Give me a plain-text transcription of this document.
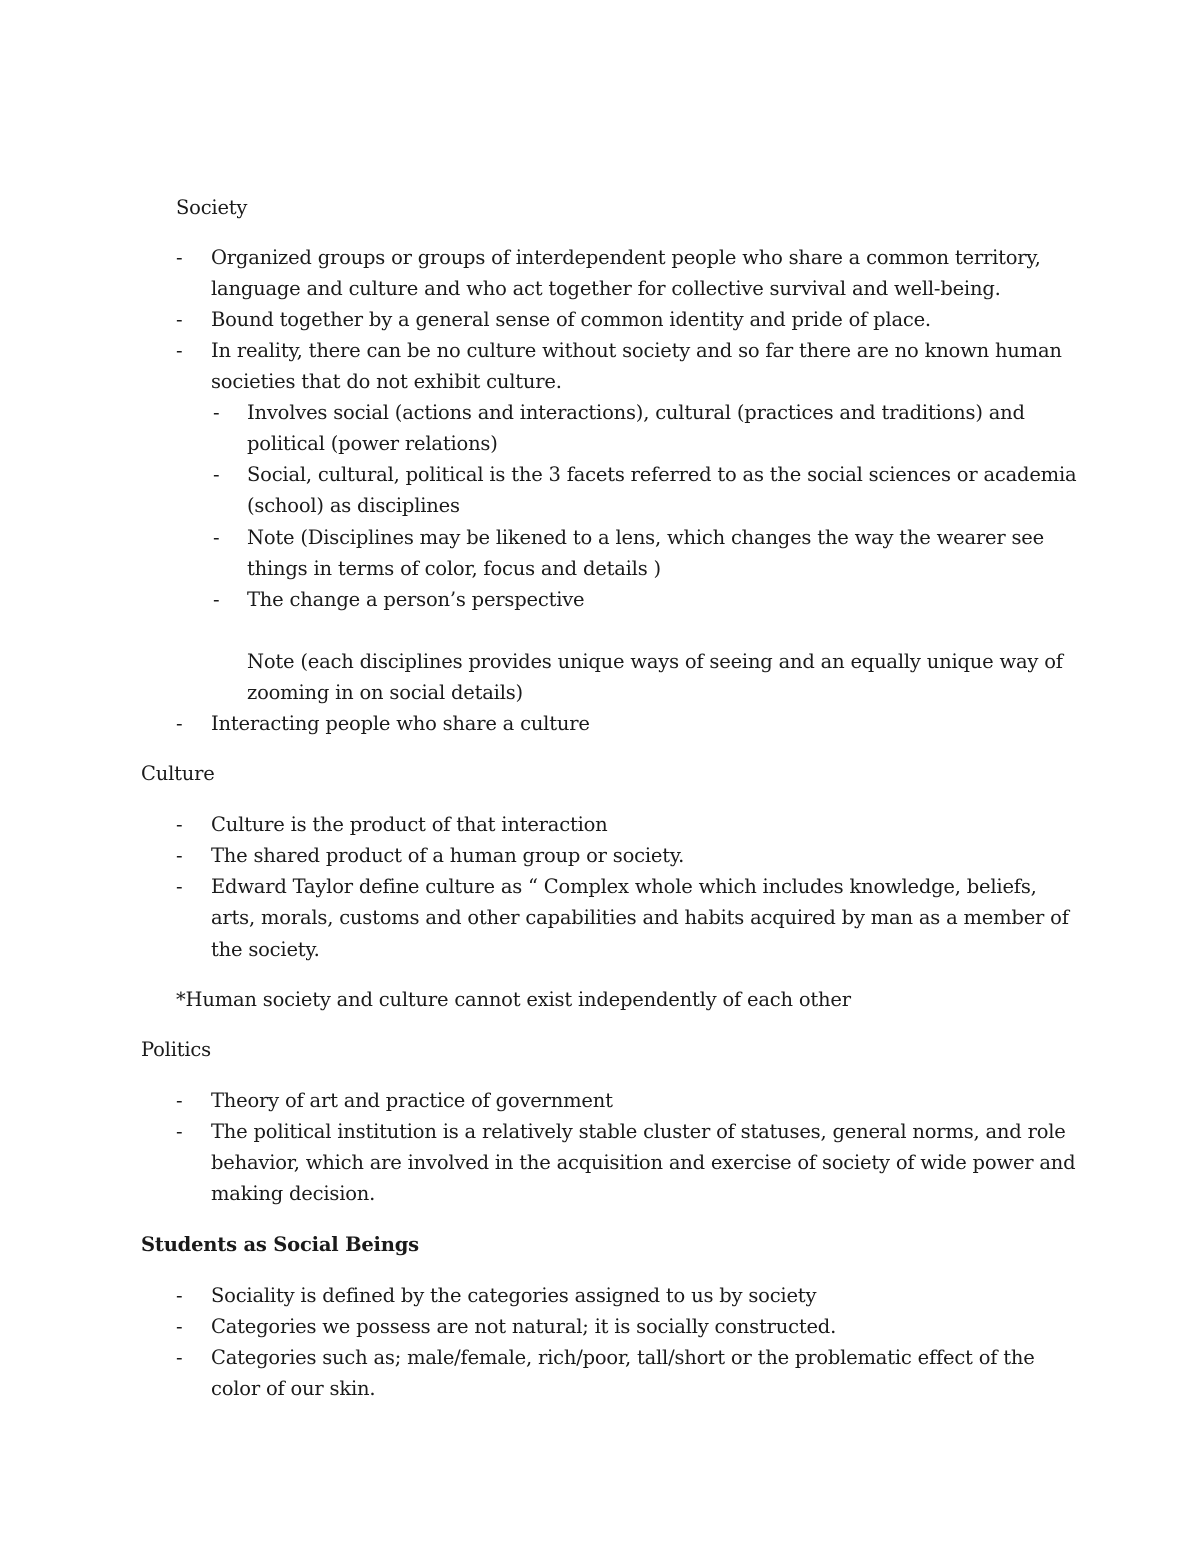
Society
- Organized groups or groups of interdependent people who share a common territory,
language and culture and who act together for collective survival and well-being.
- Bound together by a general sense of common identity and pride of place.
- In reality, there can be no culture without society and so far there are no known human
societies that do not exhibit culture.
- Involves social (actions and interactions), cultural (practices and traditions) and
political (power relations)
- Social, cultural, political is the 3 facets referred to as the social sciences or academia
(school) as disciplines
- Note (Disciplines may be likened to a lens, which changes the way the wearer see
things in terms of color, focus and details )
- The change a person’s perspective
Note (each disciplines provides unique ways of seeing and an equally unique way of
zooming in on social details)
- Interacting people who share a culture
Culture
- Culture is the product of that interaction
- The shared product of a human group or society.
- Edward Taylor define culture as “ Complex whole which includes knowledge, beliefs,
arts, morals, customs and other capabilities and habits acquired by man as a member of
the society.
*Human society and culture cannot exist independently of each other
Politics
- Theory of art and practice of government
- The political institution is a relatively stable cluster of statuses, general norms, and role
behavior, which are involved in the acquisition and exercise of society of wide power and
making decision.
Students as Social Beings
- Sociality is defined by the categories assigned to us by society
- Categories we possess are not natural; it is socially constructed.
- Categories such as; male/female, rich/poor, tall/short or the problematic effect of the
color of our skin.
